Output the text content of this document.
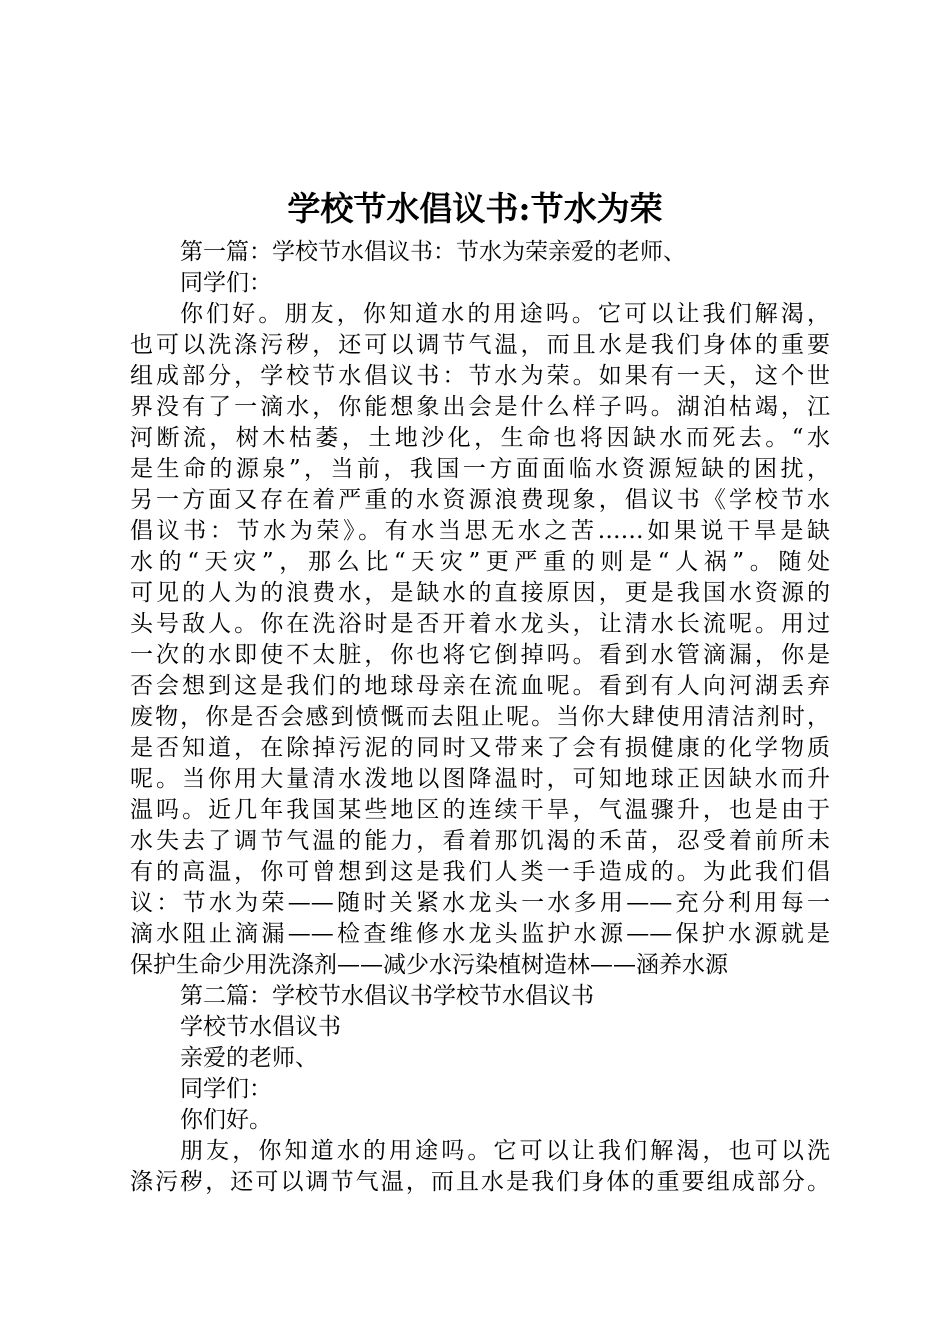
学校节水倡议书:节水为荣
第一篇：学校节水倡议书：节水为荣亲爱的老师、
同学们：
你们好。朋友，你知道水的用途吗。它可以让我们解渴，
也可以洗涤污秽，还可以调节气温，而且水是我们身体的重要
组成部分，学校节水倡议书：节水为荣。如果有一天，这个世
界没有了一滴水，你能想象出会是什么样子吗。湖泊枯竭，江
河断流，树木枯萎，土地沙化，生命也将因缺水而死去。“水
是生命的源泉”，当前，我国一方面面临水资源短缺的困扰，
另一方面又存在着严重的水资源浪费现象，倡议书《学校节水
倡议书：节水为荣》。有水当思无水之苦……如果说干旱是缺
水的“天灾”，那么比“天灾”更严重的则是“人祸”。随处
可见的人为的浪费水，是缺水的直接原因，更是我国水资源的
头号敌人。你在洗浴时是否开着水龙头，让清水长流呢。用过
一次的水即使不太脏，你也将它倒掉吗。看到水管滴漏，你是
否会想到这是我们的地球母亲在流血呢。看到有人向河湖丢弃
废物，你是否会感到愤慨而去阻止呢。当你大肆使用清洁剂时，
是否知道，在除掉污泥的同时又带来了会有损健康的化学物质
呢。当你用大量清水泼地以图降温时，可知地球正因缺水而升
温吗。近几年我国某些地区的连续干旱，气温骤升，也是由于
水失去了调节气温的能力，看着那饥渴的禾苗，忍受着前所未
有的高温，你可曾想到这是我们人类一手造成的。为此我们倡
议：节水为荣——随时关紧水龙头一水多用——充分利用每一
滴水阻止滴漏——检查维修水龙头监护水源——保护水源就是
保护生命少用洗涤剂——减少水污染植树造林——涵养水源
第二篇：学校节水倡议书学校节水倡议书
学校节水倡议书
亲爱的老师、
同学们：
你们好。
朋友，你知道水的用途吗。它可以让我们解渴，也可以洗
涤污秽，还可以调节气温，而且水是我们身体的重要组成部分。
